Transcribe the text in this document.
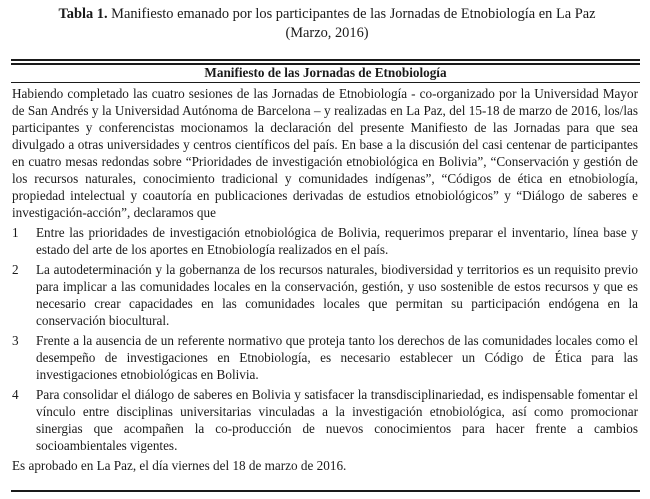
Tabla 1. Manifiesto emanado por los participantes de las Jornadas de Etnobiología en La Paz
(Marzo, 2016)
Manifiesto de las Jornadas de Etnobiología

Habiendo completado las cuatro sesiones de las Jornadas de Etnobiología - co-organizado por la Universidad Mayor de San Andrés y la Universidad Autónoma de Barcelona – y realizadas en La Paz, del 15-18 de marzo de 2016, los/las participantes y conferencistas mocionamos la declaración del presente Manifiesto de las Jornadas para que sea divulgado a otras universidades y centros científicos del país. En base a la discusión del casi centenar de participantes en cuatro mesas redondas sobre “Prioridades de investigación etnobiológica en Bolivia”, “Conservación y gestión de los recursos naturales, conocimiento tradicional y comunidades indígenas”, “Códigos de ética en etnobiología, propiedad intelectual y coautoría en publicaciones derivadas de estudios etnobiológicos” y “Diálogo de saberes e investigación-acción”, declaramos que

1	Entre las prioridades de investigación etnobiológica de Bolivia, requerimos preparar el inventario, línea base y estado del arte de los aportes en Etnobiología realizados en el país.
2	La autodeterminación y la gobernanza de los recursos naturales, biodiversidad y territorios es un requisito previo para implicar a las comunidades locales en la conservación, gestión, y uso sostenible de estos recursos y que es necesario crear capacidades en las comunidades locales que permitan su participación endógena en la conservación biocultural.
3	Frente a la ausencia de un referente normativo que proteja tanto los derechos de las comunidades locales como el desempeño de investigaciones en Etnobiología, es necesario establecer un Código de Ética para las investigaciones etnobiológicas en Bolivia.
4	Para consolidar el diálogo de saberes en Bolivia y satisfacer la transdisciplinariedad, es indispensable fomentar el vínculo entre disciplinas universitarias vinculadas a la investigación etnobiológica, así como promocionar sinergias que acompañen la co-producción de nuevos conocimientos para hacer frente a cambios socioambientales vigentes.

Es aprobado en La Paz, el día viernes del 18 de marzo de 2016.
